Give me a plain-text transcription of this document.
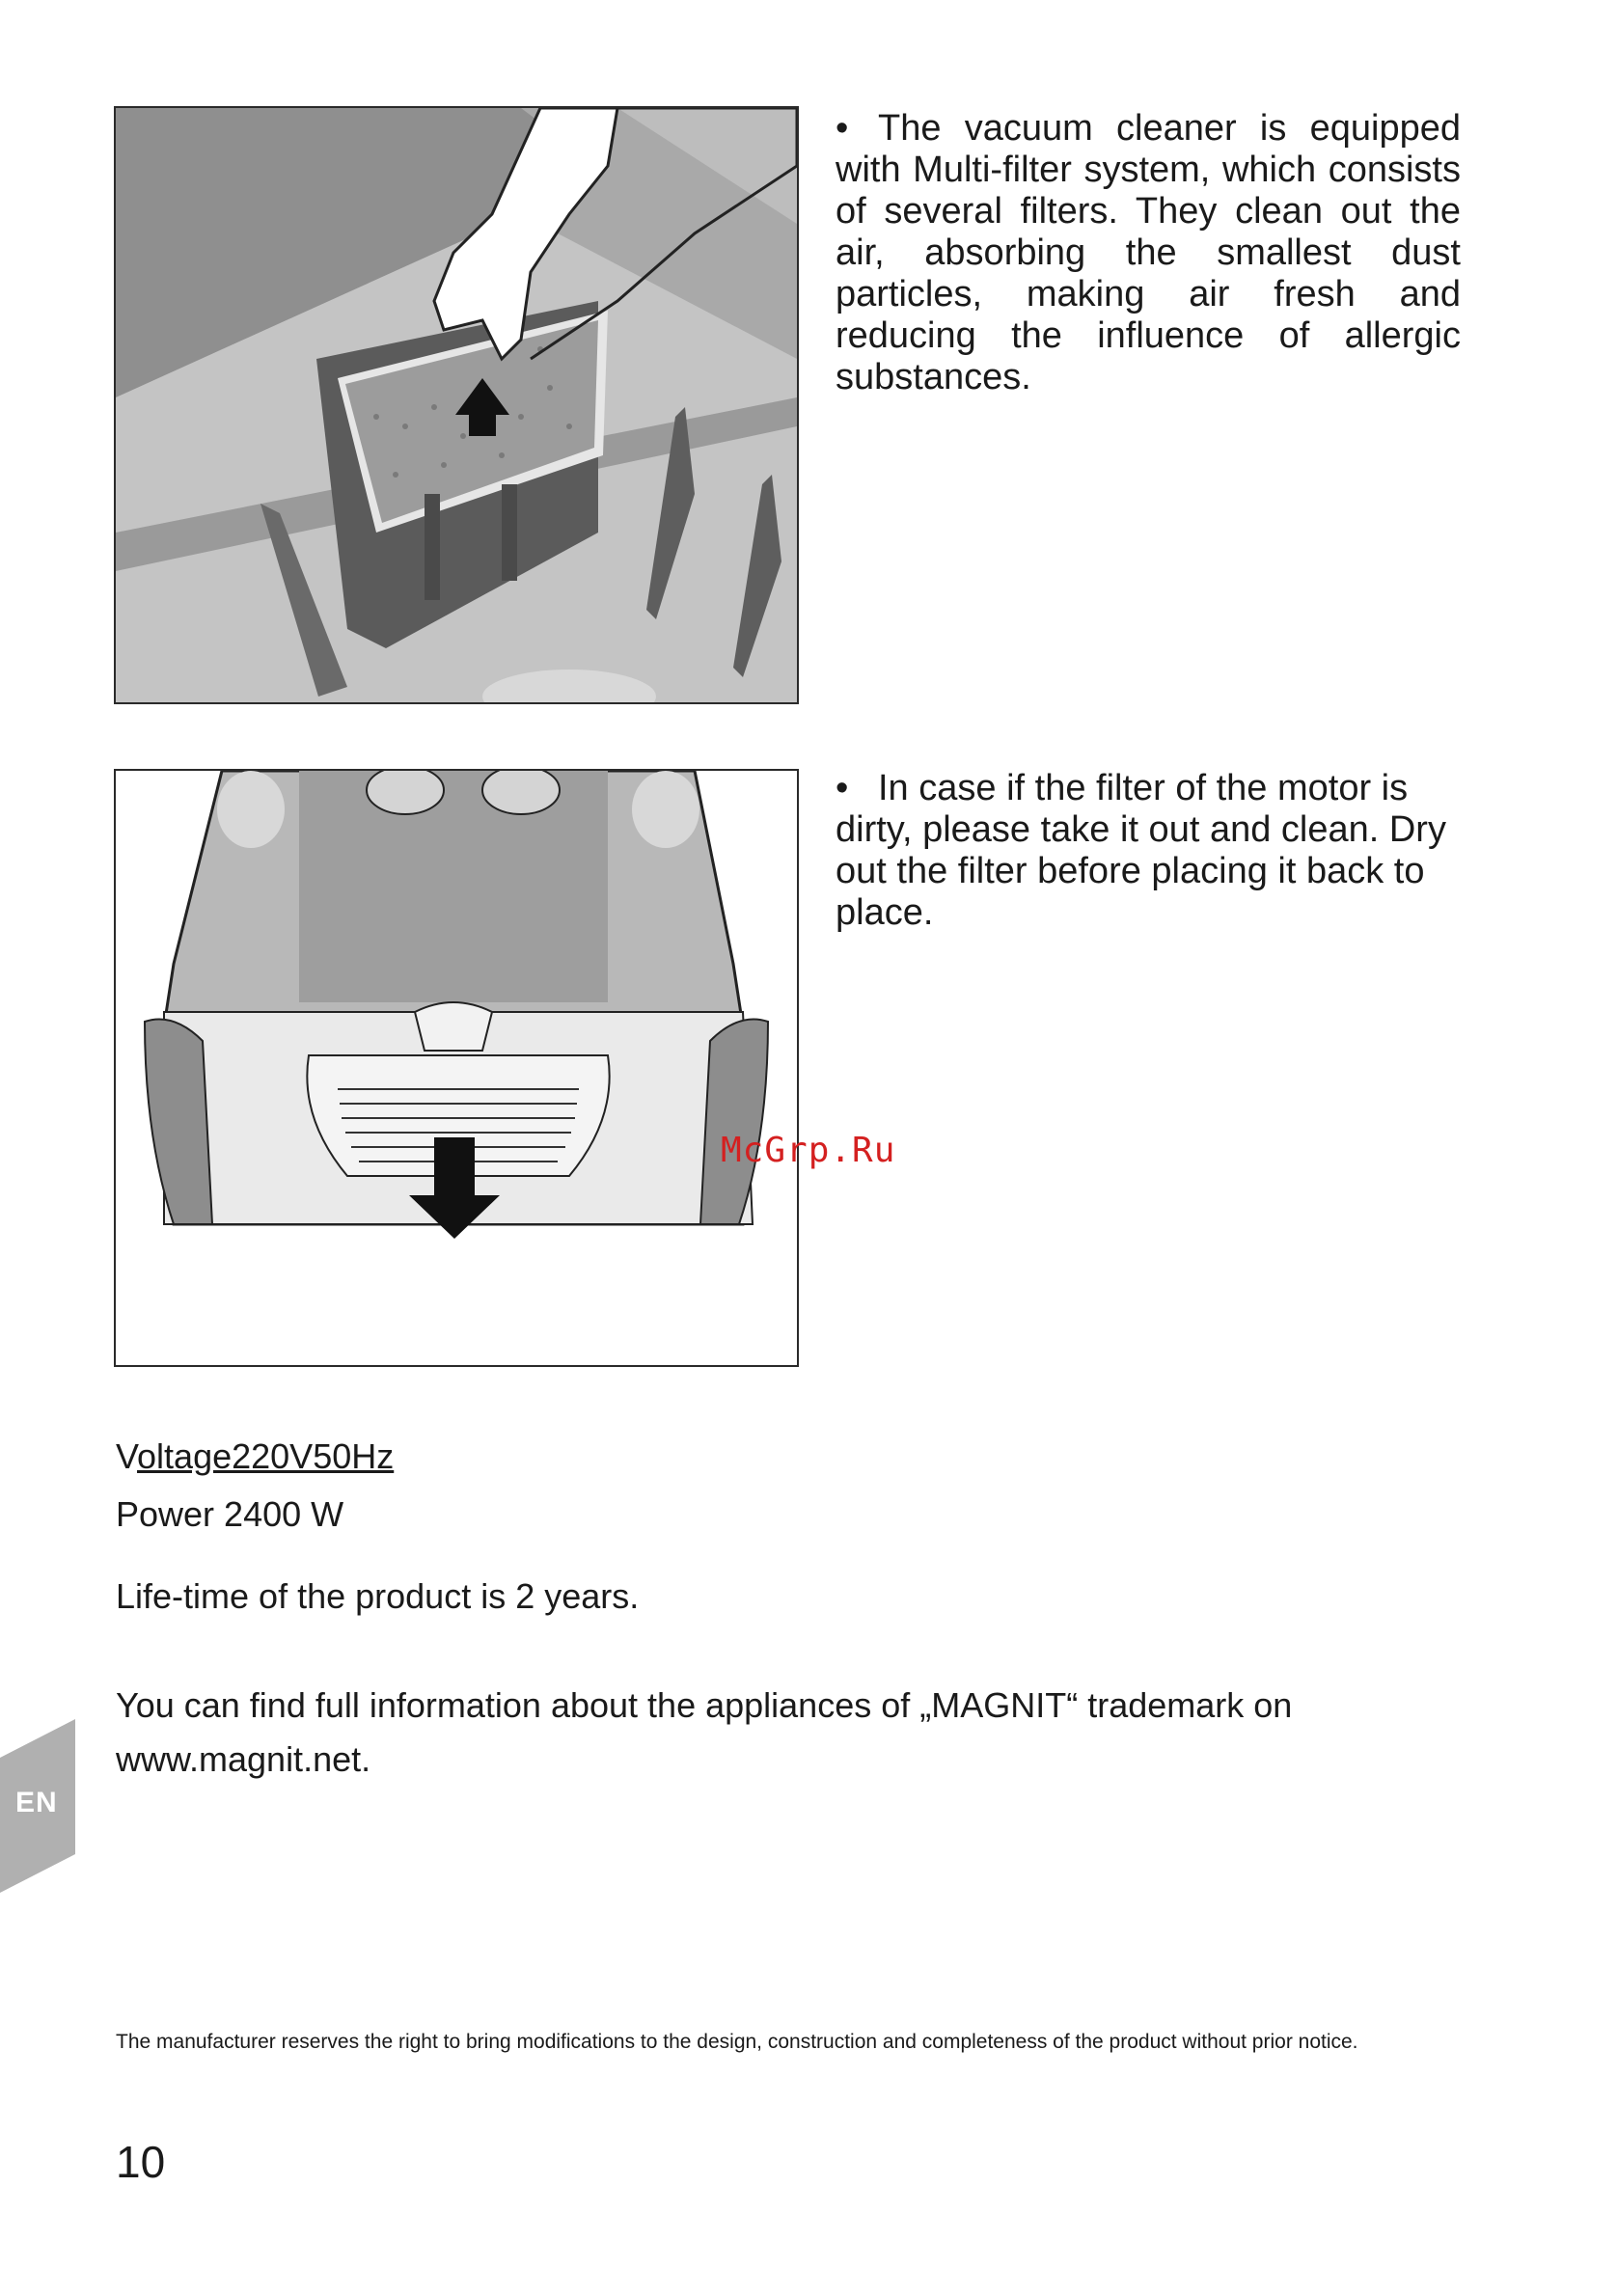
• The vacuum cleaner is equipped with Multi-filter system, which consists of several filters. They clean out the air, absorbing the smallest dust particles, making air fresh and reducing the influence of allergic substances.

• In case if the filter of the motor is dirty, please take it out and clean. Dry out the filter before placing it back to place.

Voltage220V50Hz

Power 2400 W

Life-time of the product is 2 years.

You can find full information about the appliances of „MAGNIT“ trademark on www.magnit.net.

The manufacturer reserves the right to bring modifications to the design, construction and completeness of the product without prior notice.

10

EN
McGrp.Ru
